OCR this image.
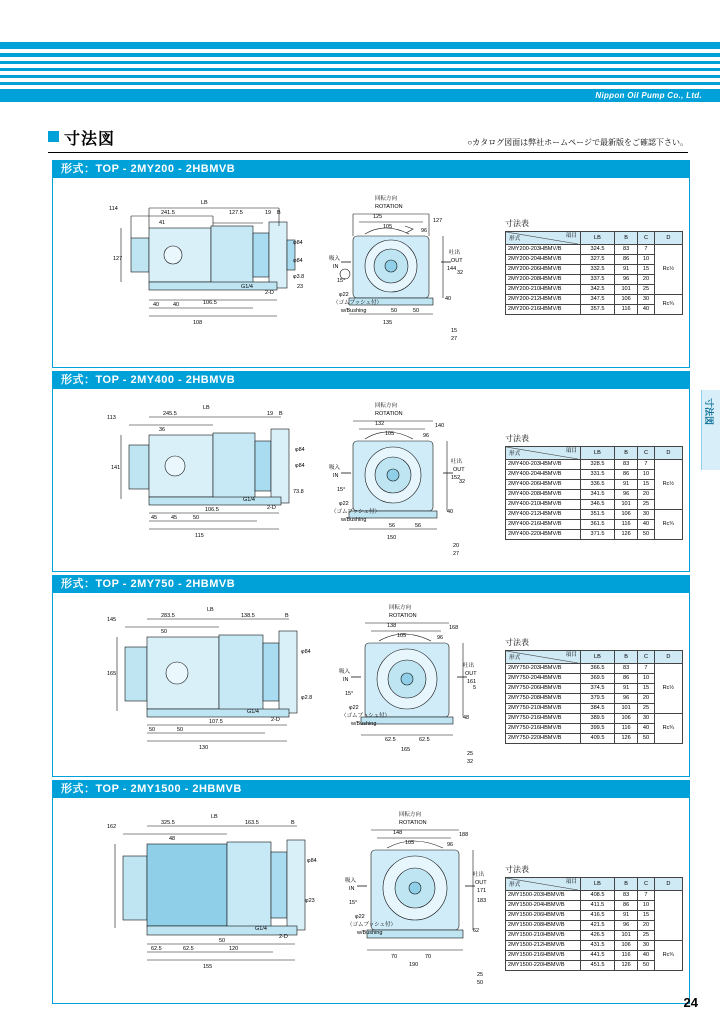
Nippon Oil Pump Co., Ltd.
寸法図
寸法図	○カタログ図面は弊社ホームページで最新版をご確認下さい。
形式：TOP - 2MY200 - 2HBMVB
LB
241.5	127.5	19 B
114
41
127
40	40	106.5
108
G1/4
2-D
φ84
φ84
φ3.8
23
回転方向
ROTATION
125
105
127
96
144
135
50	50
40
32
吸入
IN
吐出
OUT
15°
φ22
（ゴムブッシュ付）
w/Bushing
15
27
寸法表
項目
形式	LB	B	C	D
2MY200-203HBMV/B	324.5	83	7	Rc½
2MY200-204HBMV/B	327.5	86	10	
2MY200-206HBMV/B	332.5	91	15	
2MY200-208HBMV/B	337.5	96	20	
2MY200-210HBMV/B	342.5	101	25	
2MY200-212HBMV/B	347.5	106	30	Rc¾
2MY200-216HBMV/B	357.5	116	40	
形式：TOP - 2MY400 - 2HBMVB
LB
245.5	19 B
113
36
141
45	45	50
106.5
115
G1/4
2-D
φ84
φ84
73.8
回転方向
ROTATION
132
105
140
96
152
150
56	56
40
32
吸入
IN
吐出
OUT
15°
φ22
（ゴムブッシュ付）
w/Bushing
20
27
寸法表
項目
形式	LB	B	C	D
2MY400-203HBMV/B	328.5	83	7	Rc½
2MY400-204HBMV/B	331.5	86	10	
2MY400-206HBMV/B	336.5	91	15	
2MY400-208HBMV/B	341.5	96	20	
2MY400-210HBMV/B	346.5	101	25	
2MY400-212HBMV/B	351.5	106	30	Rc¾
2MY400-216HBMV/B	361.5	116	40	
2MY400-220HBMV/B	371.5	126	50	
形式：TOP - 2MY750 - 2HBMVB
LB
283.5	138.5	B
145
50
165
50	50
107.5
130
G1/4
2-D
φ84
φ2.8
回転方向
ROTATION
138
105
168
96
161
165
62.5	62.5
48
5
吸入
IN
吐出
OUT
15°
φ22
（ゴムブッシュ付）
w/Bushing
25
32
寸法表
項目
形式	LB	B	C	D
2MY750-203HBMV/B	366.5	83	7	Rc½
2MY750-204HBMV/B	369.5	86	10	
2MY750-206HBMV/B	374.5	91	15	
2MY750-208HBMV/B	379.5	96	20	
2MY750-210HBMV/B	384.5	101	25	
2MY750-216HBMV/B	389.5	106	30	Rc¾
2MY750-216HBMV/B	399.5	116	40	
2MY750-220HBMV/B	409.5	126	50	
形式：TOP - 2MY1500 - 2HBMVB
LB
325.5	163.5	B
162
48
φ84
φ23
62.5	62.5
50
120
155
G1/4
2-D
回転方向
ROTATION
148
105
188
96
171
190
70	70
62
183
吸入
IN
吐出
OUT
15°
φ22
（ゴムブッシュ付）
w/Bushing
25
50
寸法表
項目
形式	LB	B	C	D
2MY1500-203HBMV/B	408.5	83	7	
2MY1500-204HBMV/B	411.5	86	10	
2MY1500-206HBMV/B	416.5	91	15	
2MY1500-208HBMV/B	421.5	96	20	
2MY1500-210HBMV/B	426.5	101	25	
2MY1500-212HBMV/B	431.5	106	30	Rc¾
2MY1500-216HBMV/B	441.5	116	40	
2MY1500-220HBMV/B	451.5	126	50	
24
